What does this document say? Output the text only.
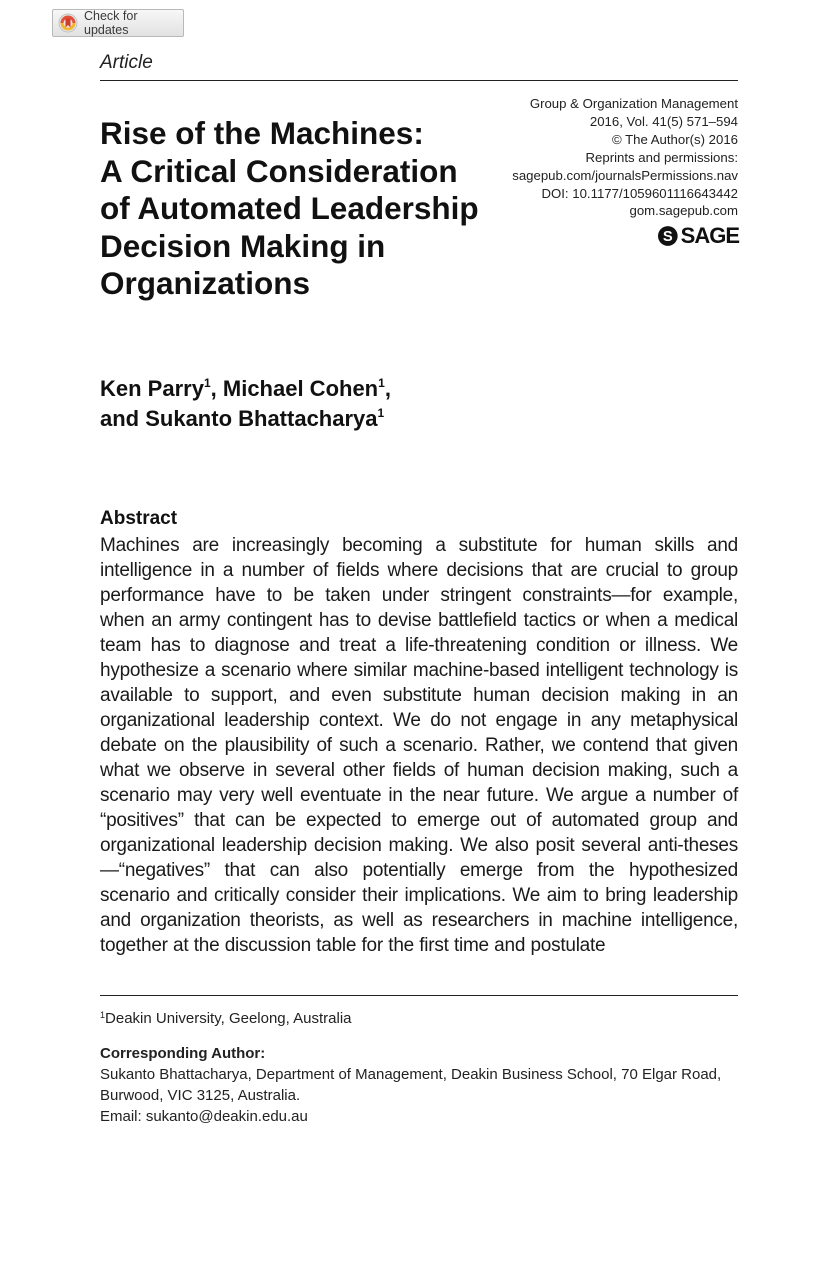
Check for updates
Article
Group & Organization Management
2016, Vol. 41(5) 571–594
© The Author(s) 2016
Reprints and permissions:
sagepub.com/journalsPermissions.nav
DOI: 10.1177/1059601116643442
gom.sagepub.com
S SAGE
Rise of the Machines:
A Critical Consideration
of Automated Leadership
Decision Making in
Organizations
Ken Parry$^1$, Michael Cohen$^1$,
and Sukanto Bhattacharya$^1$
Abstract

Machines are increasingly becoming a substitute for human skills and intelligence in a number of fields where decisions that are crucial to group performance have to be taken under stringent constraints—for example, when an army contingent has to devise battlefield tactics or when a medical team has to diagnose and treat a life-threatening condition or illness. We hypothesize a scenario where similar machine-based intelligent technology is available to support, and even substitute human decision making in an organizational leadership context. We do not engage in any metaphysical debate on the plausibility of such a scenario. Rather, we contend that given what we observe in several other fields of human decision making, such a scenario may very well eventuate in the near future. We argue a number of “positives” that can be expected to emerge out of automated group and organizational leadership decision making. We also posit several anti-theses—“negatives” that can also potentially emerge from the hypothesized scenario and critically consider their implications. We aim to bring leadership and organization theorists, as well as researchers in machine intelligence, together at the discussion table for the first time and postulate

$^1$Deakin University, Geelong, Australia
Corresponding Author:
Sukanto Bhattacharya, Department of Management, Deakin Business School, 70 Elgar Road,
Burwood, VIC 3125, Australia.
Email: sukanto@deakin.edu.au
